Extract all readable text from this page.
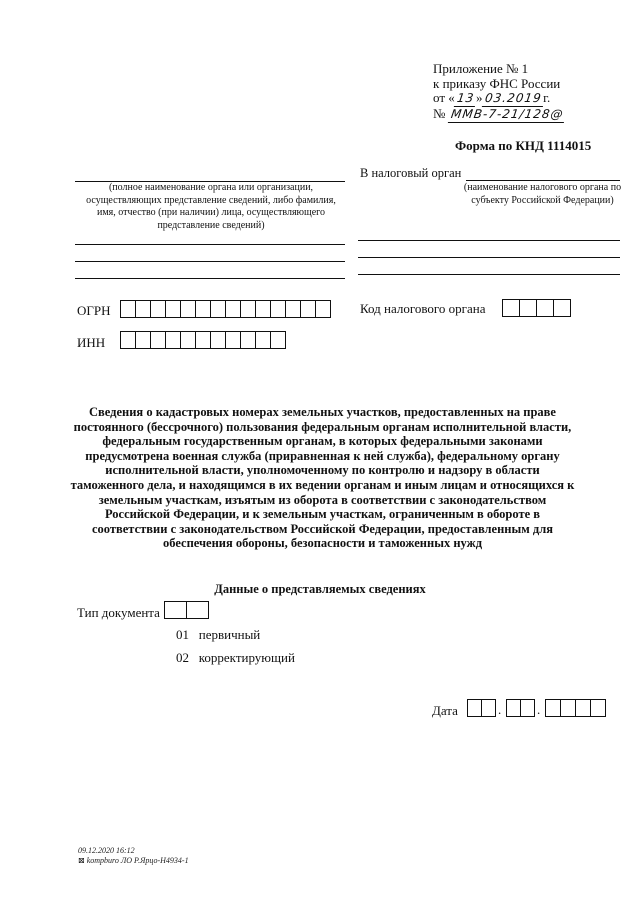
Приложение № 1
к приказу ФНС России
от «13»03.2019г.
№ ММВ-7-21/128@
Форма по КНД 1114015
В налоговый орган
(наименование налогового органа по субъекту Российской Федерации)
(полное наименование органа или организации, осуществляющих представление сведений, либо фамилия, имя, отчество (при наличии) лица, осуществляющего представление сведений)
ОГРН	Код налогового органа
ИНН
Сведения о кадастровых номерах земельных участков, предоставленных на праве постоянного (бессрочного) пользования федеральным органам исполнительной власти, федеральным государственным органам, в которых федеральными законами предусмотрена военная служба (приравненная к ней служба), федеральному органу исполнительной власти, уполномоченному по контролю и надзору в области таможенного дела, и находящимся в их ведении органам и иным лицам и относящихся к земельным участкам, изъятым из оборота в соответствии с законодательством Российской Федерации, и к земельным участкам, ограниченным в обороте в соответствии с законодательством Российской Федерации, предоставленным для обеспечения обороны, безопасности и таможенных нужд
Данные о представляемых сведениях
Тип документа
01 первичный
02 корректирующий
Дата	.	.
09.12.2020 16:12
⊠ kompburo ЛО Р.Ярцо-Н4934-1
